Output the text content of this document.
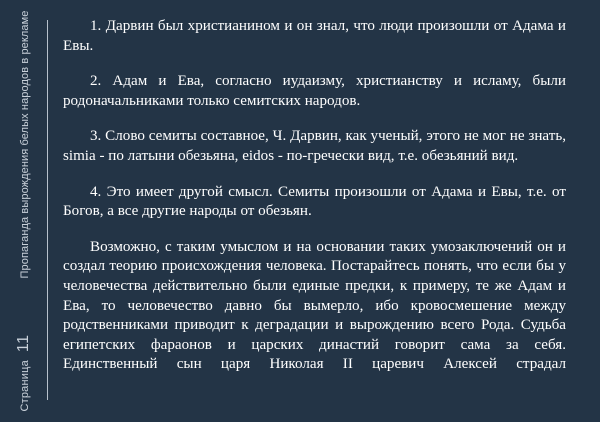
Страница
11
Пропаганда вырождения белых народов в рекламе	1. Дарвин был христианином и он знал, что люди произошли от Адама и Евы.

2. Адам и Ева, согласно иудаизму, христианству и исламу, были родоначальниками только семитских народов.

3. Слово семиты составное, Ч. Дарвин, как ученый, этого не мог не знать, simia - по латыни обезьяна, eidos - по-гречески вид, т.е. обезьяний вид.

4. Это имеет другой смысл. Семиты произошли от Адама и Евы, т.е. от Богов, а все другие народы от обезьян.

Возможно, с таким умыслом и на основании таких умозаключений он и создал теорию происхождения человека. Постарайтесь понять, что если бы у человечества действительно были единые предки, к примеру, те же Адам и Ева, то человечество давно бы вымерло, ибо кровосмешение между родственниками приводит к деградации и вырождению всего Рода. Судьба египетских фараонов и царских династий говорит сама за себя. Единственный сын царя Николая II царевич Алексей страдал
